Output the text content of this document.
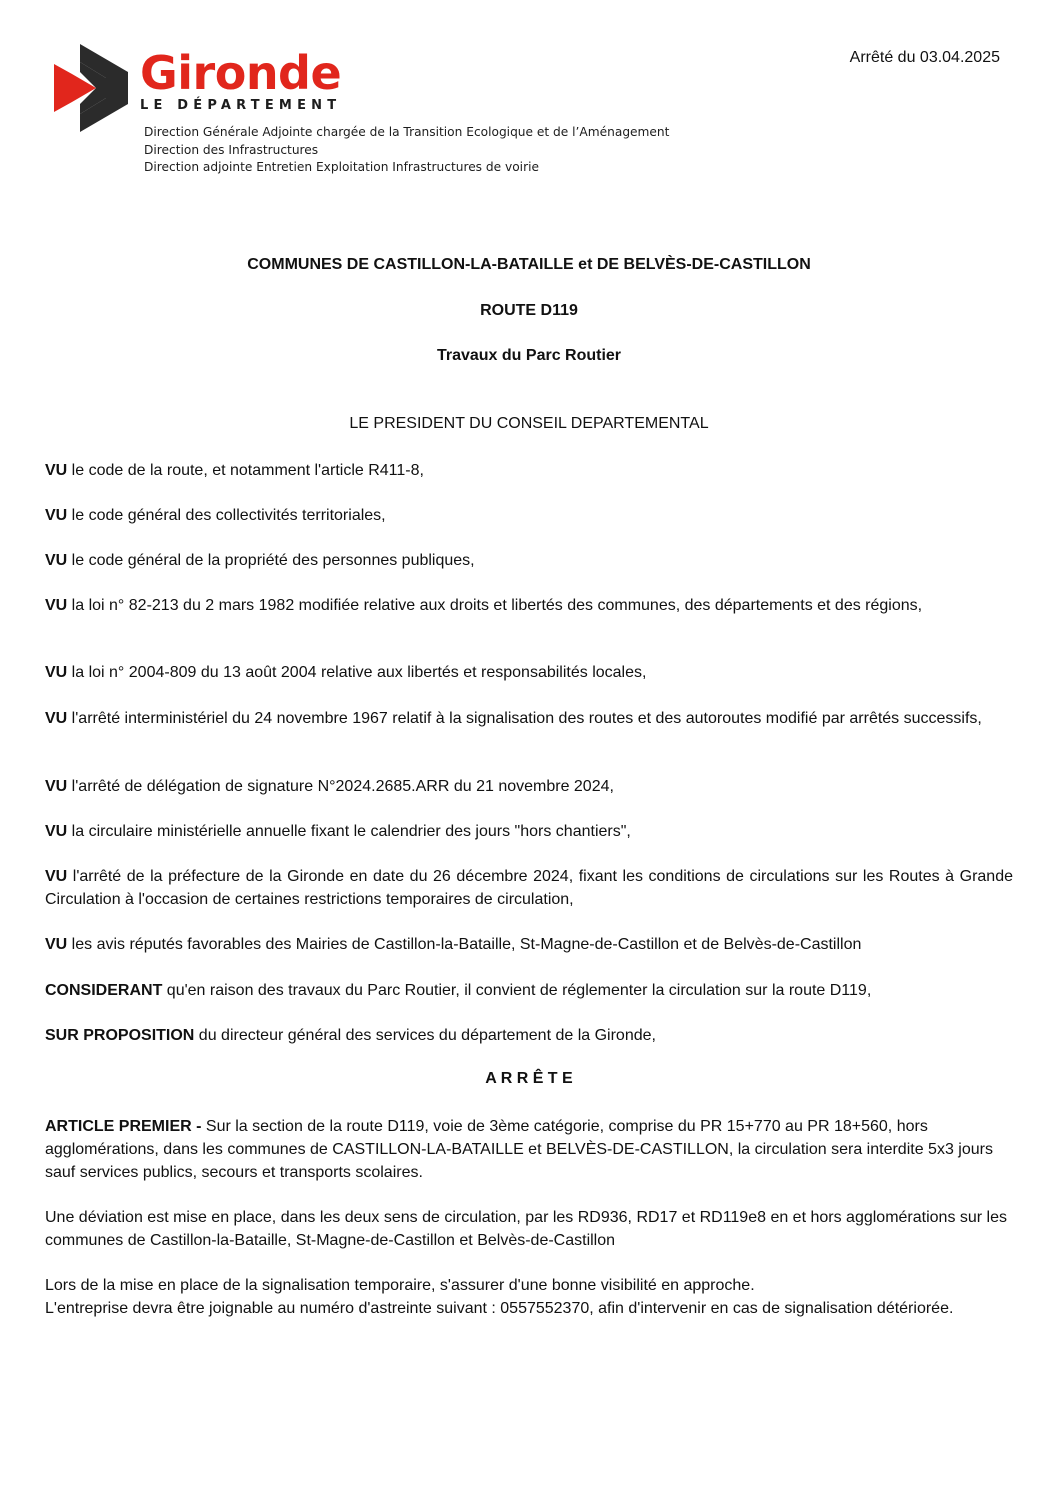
Gironde
LE DÉPARTEMENT
Direction Générale Adjointe chargée de la Transition Ecologique et de l’Aménagement
Direction des Infrastructures
Direction adjointe Entretien Exploitation Infrastructures de voirie
Arrêté du 03.04.2025
COMMUNES DE CASTILLON-LA-BATAILLE et DE BELVÈS-DE-CASTILLON
ROUTE D119
Travaux du Parc Routier
LE PRESIDENT DU CONSEIL DEPARTEMENTAL
VU le code de la route, et notamment l'article R411-8,
VU le code général des collectivités territoriales,
VU le code général de la propriété des personnes publiques,
VU la loi n° 82-213 du 2 mars 1982 modifiée relative aux droits et libertés des communes, des départements et des régions,
VU la loi n° 2004-809 du 13 août 2004 relative aux libertés et responsabilités locales,
VU l'arrêté interministériel du 24 novembre 1967 relatif à la signalisation des routes et des autoroutes modifié par arrêtés successifs,
VU l'arrêté de délégation de signature N°2024.2685.ARR du 21 novembre 2024,
VU la circulaire ministérielle annuelle fixant le calendrier des jours "hors chantiers",
VU l'arrêté de la préfecture de la Gironde en date du 26 décembre 2024, fixant les conditions de circulations sur les Routes à Grande Circulation à l'occasion de certaines restrictions temporaires de circulation,
VU les avis réputés favorables des Mairies de Castillon-la-Bataille, St-Magne-de-Castillon et de Belvès-de-Castillon
CONSIDERANT qu'en raison des travaux du Parc Routier, il convient de réglementer la circulation sur la route D119,
SUR PROPOSITION du directeur général des services du département de la Gironde,
A R R Ê T E
ARTICLE PREMIER - Sur la section de la route D119, voie de 3ème catégorie, comprise du PR 15+770 au PR 18+560, hors agglomérations, dans les communes de CASTILLON-LA-BATAILLE et BELVÈS-DE-CASTILLON, la circulation sera interdite 5x3 jours sauf services publics, secours et transports scolaires.
Une déviation est mise en place, dans les deux sens de circulation, par les RD936, RD17 et RD119e8 en et hors agglomérations sur les communes de Castillon-la-Bataille, St-Magne-de-Castillon et Belvès-de-Castillon
Lors de la mise en place de la signalisation temporaire, s'assurer d'une bonne visibilité en approche.
L'entreprise devra être joignable au numéro d'astreinte suivant : 0557552370, afin d'intervenir en cas de signalisation détériorée.
